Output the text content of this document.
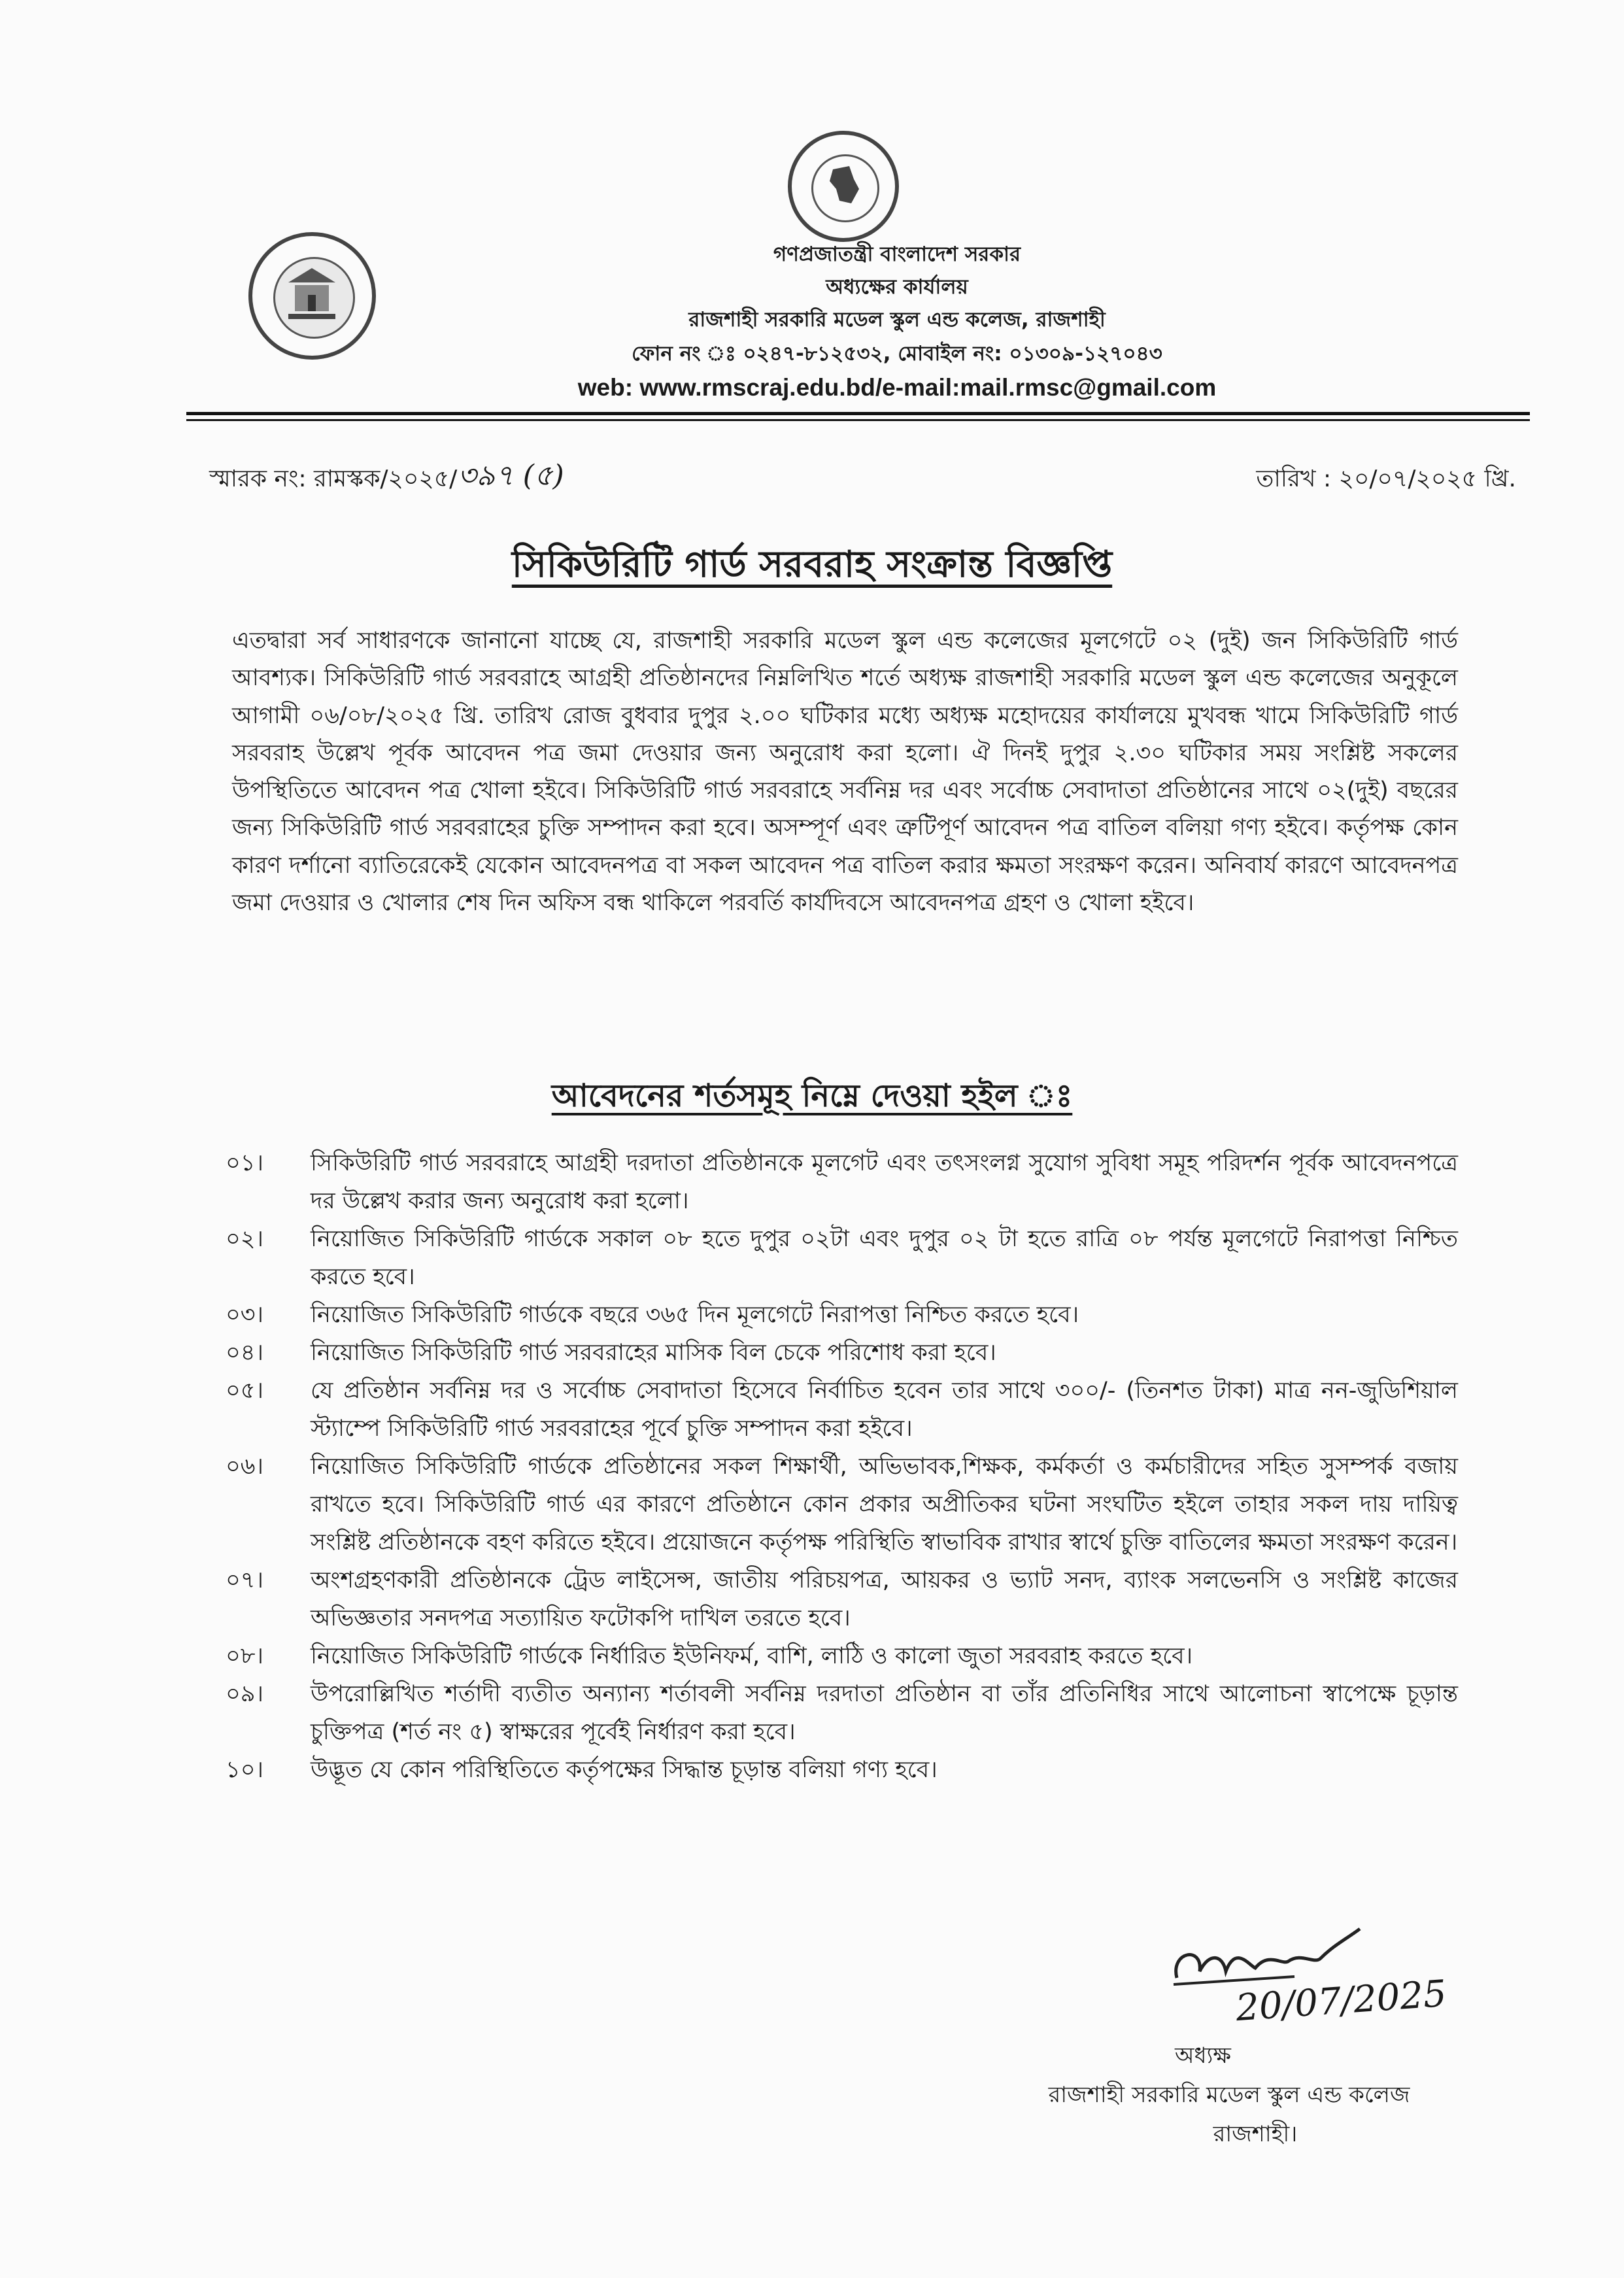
গণপ্রজাতন্ত্রী বাংলাদেশ সরকার
অধ্যক্ষের কার্যালয়
রাজশাহী সরকারি মডেল স্কুল এন্ড কলেজ, রাজশাহী
ফোন নং ঃ ০২৪৭-৮১২৫৩২, মোবাইল নং: ০১৩০৯-১২৭০৪৩
web: www.rmscraj.edu.bd/e-mail:mail.rmsc@gmail.com
স্মারক নং: রামস্কক/২০২৫/ ৩৯৭ (৫)	তারিখ : ২০/০৭/২০২৫ খ্রি.
সিকিউরিটি গার্ড সরবরাহ সংক্রান্ত বিজ্ঞপ্তি
এতদ্বারা সর্ব সাধারণকে জানানো যাচ্ছে যে, রাজশাহী সরকারি মডেল স্কুল এন্ড কলেজের মূলগেটে ০২ (দুই) জন সিকিউরিটি গার্ড আবশ্যক। সিকিউরিটি গার্ড সরবরাহে আগ্রহী প্রতিষ্ঠানদের নিম্নলিখিত শর্তে অধ্যক্ষ রাজশাহী সরকারি মডেল স্কুল এন্ড কলেজের অনুকূলে আগামী ০৬/০৮/২০২৫ খ্রি. তারিখ রোজ বুধবার দুপুর ২.০০ ঘটিকার মধ্যে অধ্যক্ষ মহোদয়ের কার্যালয়ে মুখবন্ধ খামে সিকিউরিটি গার্ড সরবরাহ উল্লেখ পূর্বক আবেদন পত্র জমা দেওয়ার জন্য অনুরোধ করা হলো। ঐ দিনই দুপুর ২.৩০ ঘটিকার সময় সংশ্লিষ্ট সকলের উপস্থিতিতে আবেদন পত্র খোলা হইবে। সিকিউরিটি গার্ড সরবরাহে সর্বনিম্ন দর এবং সর্বোচ্চ সেবাদাতা প্রতিষ্ঠানের সাথে ০২(দুই) বছরের জন্য সিকিউরিটি গার্ড সরবরাহের চুক্তি সম্পাদন করা হবে। অসম্পূর্ণ এবং ত্রুটিপূর্ণ আবেদন পত্র বাতিল বলিয়া গণ্য হইবে। কর্তৃপক্ষ কোন কারণ দর্শানো ব্যাতিরেকেই যেকোন আবেদনপত্র বা সকল আবেদন পত্র বাতিল করার ক্ষমতা সংরক্ষণ করেন। অনিবার্য কারণে আবেদনপত্র জমা দেওয়ার ও খোলার শেষ দিন অফিস বন্ধ থাকিলে পরবর্তি কার্যদিবসে আবেদনপত্র গ্রহণ ও খোলা হইবে।
আবেদনের শর্তসমূহ নিম্নে দেওয়া হইল ঃ
০১।	সিকিউরিটি গার্ড সরবরাহে আগ্রহী দরদাতা প্রতিষ্ঠানকে মূলগেট এবং তৎসংলগ্ন সুযোগ সুবিধা সমূহ পরিদর্শন পূর্বক আবেদনপত্রে দর উল্লেখ করার জন্য অনুরোধ করা হলো।
০২।	নিয়োজিত সিকিউরিটি গার্ডকে সকাল ০৮ হতে দুপুর ০২টা এবং দুপুর ০২ টা হতে রাত্রি ০৮ পর্যন্ত মূলগেটে নিরাপত্তা নিশ্চিত করতে হবে।
০৩।	নিয়োজিত সিকিউরিটি গার্ডকে বছরে ৩৬৫ দিন মূলগেটে নিরাপত্তা নিশ্চিত করতে হবে।
০৪।	নিয়োজিত সিকিউরিটি গার্ড সরবরাহের মাসিক বিল চেকে পরিশোধ করা হবে।
০৫।	যে প্রতিষ্ঠান সর্বনিম্ন দর ও সর্বোচ্চ সেবাদাতা হিসেবে নির্বাচিত হবেন তার সাথে ৩০০/- (তিনশত টাকা) মাত্র নন-জুডিশিয়াল স্ট্যাম্পে সিকিউরিটি গার্ড সরবরাহের পূর্বে চুক্তি সম্পাদন করা হইবে।
০৬।	নিয়োজিত সিকিউরিটি গার্ডকে প্রতিষ্ঠানের সকল শিক্ষার্থী, অভিভাবক,শিক্ষক, কর্মকর্তা ও কর্মচারীদের সহিত সুসম্পর্ক বজায় রাখতে হবে। সিকিউরিটি গার্ড এর কারণে প্রতিষ্ঠানে কোন প্রকার অপ্রীতিকর ঘটনা সংঘটিত হইলে তাহার সকল দায় দায়িত্ব সংশ্লিষ্ট প্রতিষ্ঠানকে বহণ করিতে হইবে। প্রয়োজনে কর্তৃপক্ষ পরিস্থিতি স্বাভাবিক রাখার স্বার্থে চুক্তি বাতিলের ক্ষমতা সংরক্ষণ করেন।
০৭।	অংশগ্রহণকারী প্রতিষ্ঠানকে ট্রেড লাইসেন্স, জাতীয় পরিচয়পত্র, আয়কর ও ভ্যাট সনদ, ব্যাংক সলভেনসি ও সংশ্লিষ্ট কাজের অভিজ্ঞতার সনদপত্র সত্যায়িত ফটোকপি দাখিল তরতে হবে।
০৮।	নিয়োজিত সিকিউরিটি গার্ডকে নির্ধারিত ইউনিফর্ম, বাশি, লাঠি ও কালো জুতা সরবরাহ করতে হবে।
০৯।	উপরোল্লিখিত শর্তাদী ব্যতীত অন্যান্য শর্তাবলী সর্বনিম্ন দরদাতা প্রতিষ্ঠান বা তাঁর প্রতিনিধির সাথে আলোচনা স্বাপেক্ষে চূড়ান্ত চুক্তিপত্র (শর্ত নং ৫) স্বাক্ষরের পূর্বেই নির্ধারণ করা হবে।
১০।	উদ্ভূত যে কোন পরিস্থিতিতে কর্তৃপক্ষের সিদ্ধান্ত চূড়ান্ত বলিয়া গণ্য হবে।
20/07/2025
অধ্যক্ষ
রাজশাহী সরকারি মডেল স্কুল এন্ড কলেজ
রাজশাহী।
